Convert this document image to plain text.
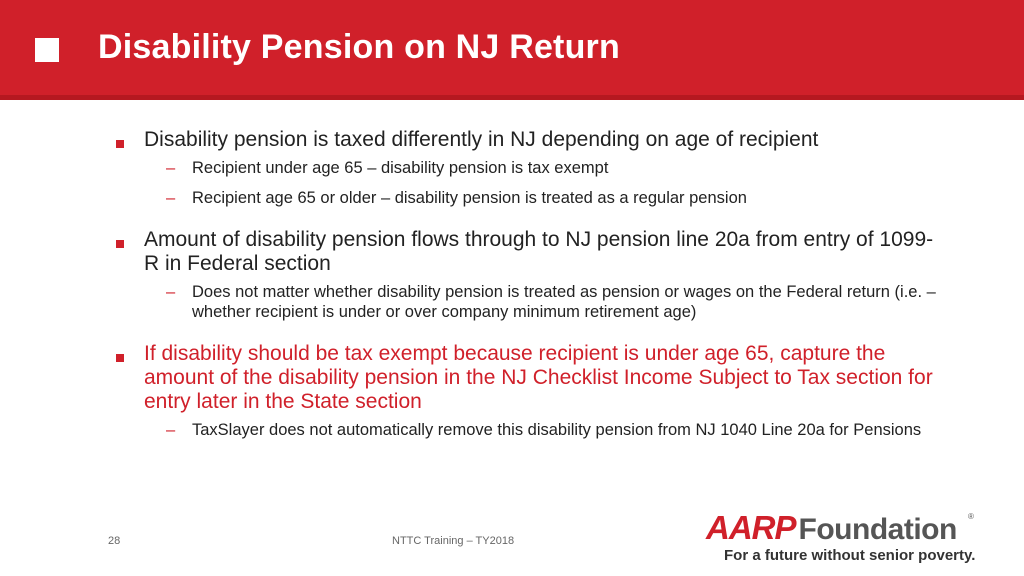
Disability Pension on NJ Return
Disability pension is taxed differently in NJ depending on age of recipient
– Recipient under age 65 – disability pension is tax exempt
– Recipient age 65 or older – disability pension is treated as a regular pension
Amount of disability pension flows through to NJ pension line 20a from entry of 1099-R in Federal section
– Does not matter whether disability pension is treated as pension or wages on the Federal return (i.e. – whether recipient is under or over company minimum retirement age)
If disability should be tax exempt because recipient is under age 65, capture the amount of the disability pension in the NJ Checklist Income Subject to Tax section for entry later in the State section
– TaxSlayer does not automatically remove this disability pension from NJ 1040 Line 20a for Pensions
28	NTTC Training – TY2018	AARP Foundation ®
For a future without senior poverty.
